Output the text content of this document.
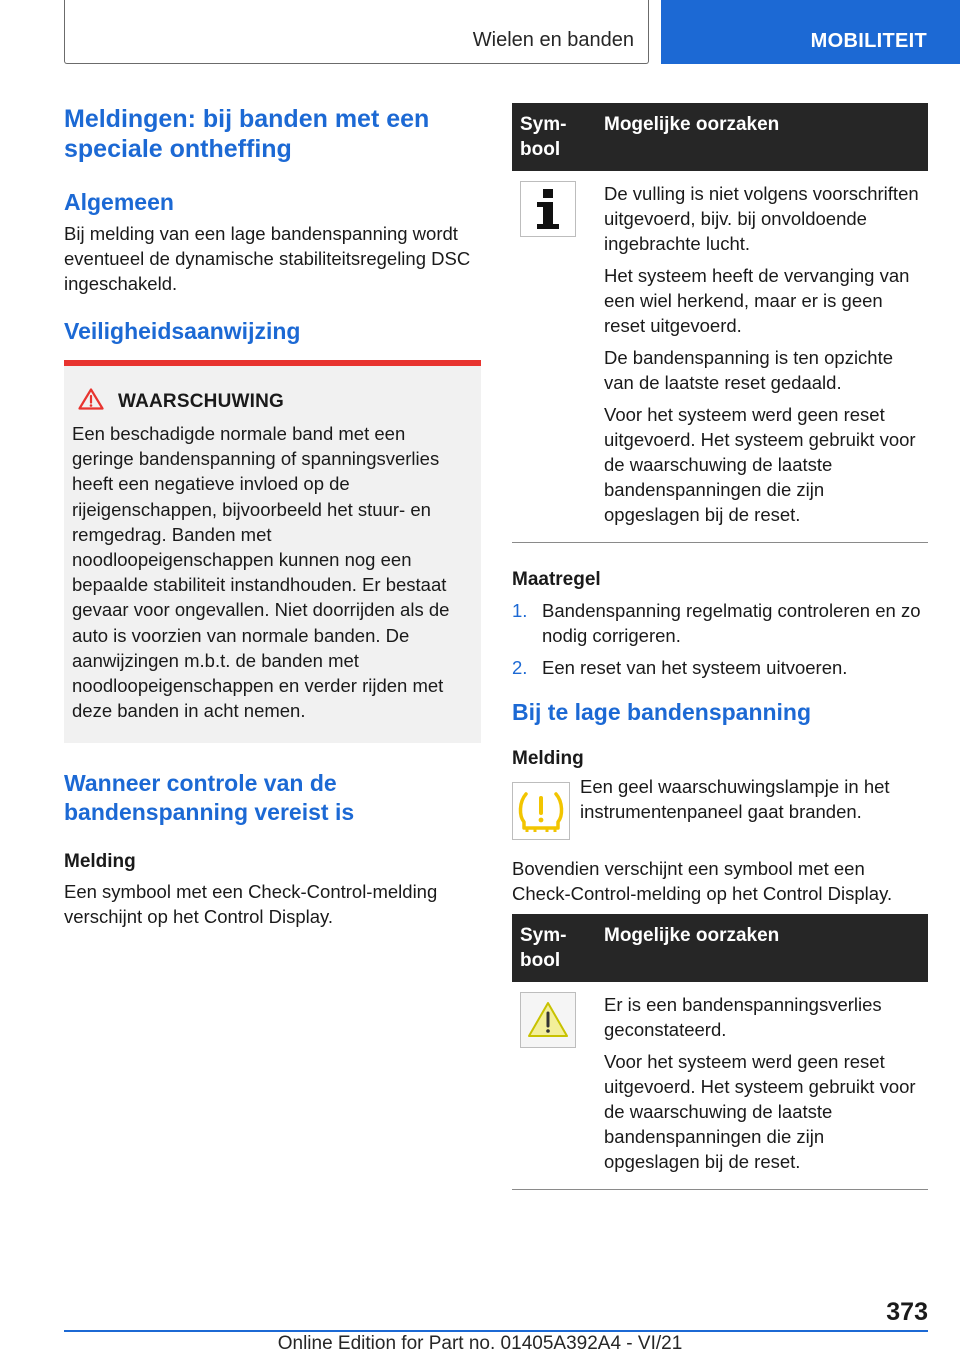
Wielen en banden	MOBILITEIT
Meldingen: bij banden met een speciale ontheffing
Algemeen

Bij melding van een lage bandenspanning wordt eventueel de dynamische stabiliteitsregeling DSC ingeschakeld.

Veiligheidsaanwijzing
WAARSCHUWING

Een beschadigde normale band met een geringe bandenspanning of spanningsverlies heeft een negatieve invloed op de rijeigenschappen, bijvoorbeeld het stuur- en remgedrag. Banden met noodloopeigenschappen kunnen nog een bepaalde stabiliteit instandhouden. Er bestaat gevaar voor ongevallen. Niet doorrijden als de auto is voorzien van normale banden. De aanwijzingen m.b.t. de banden met noodloopeigenschappen en verder rijden met deze banden in acht nemen.

Wanneer controle van de bandenspanning vereist is
Melding

Een symbool met een Check-Control-melding verschijnt op het Control Display.

Sym-
bool	Mogelijke oorzaken

De vulling is niet volgens voorschriften uitgevoerd, bijv. bij onvoldoende ingebrachte lucht.

Het systeem heeft de vervanging van een wiel herkend, maar er is geen reset uitgevoerd.

De bandenspanning is ten opzichte van de laatste reset gedaald.

Voor het systeem werd geen reset uitgevoerd. Het systeem gebruikt voor de waarschuwing de laatste bandenspanningen die zijn opgeslagen bij de reset.

Maatregel
1. Bandenspanning regelmatig controleren en zo nodig corrigeren.
2. Een reset van het systeem uitvoeren.
Bij te lage bandenspanning
Melding

Een geel waarschuwingslampje in het instrumentenpaneel gaat branden.

Bovendien verschijnt een symbool met een Check-Control-melding op het Control Display.

Sym-
bool	Mogelijke oorzaken

Er is een bandenspanningsverlies geconstateerd.

Voor het systeem werd geen reset uitgevoerd. Het systeem gebruikt voor de waarschuwing de laatste bandenspanningen die zijn opgeslagen bij de reset.

373
Online Edition for Part no. 01405A392A4 - VI/21
